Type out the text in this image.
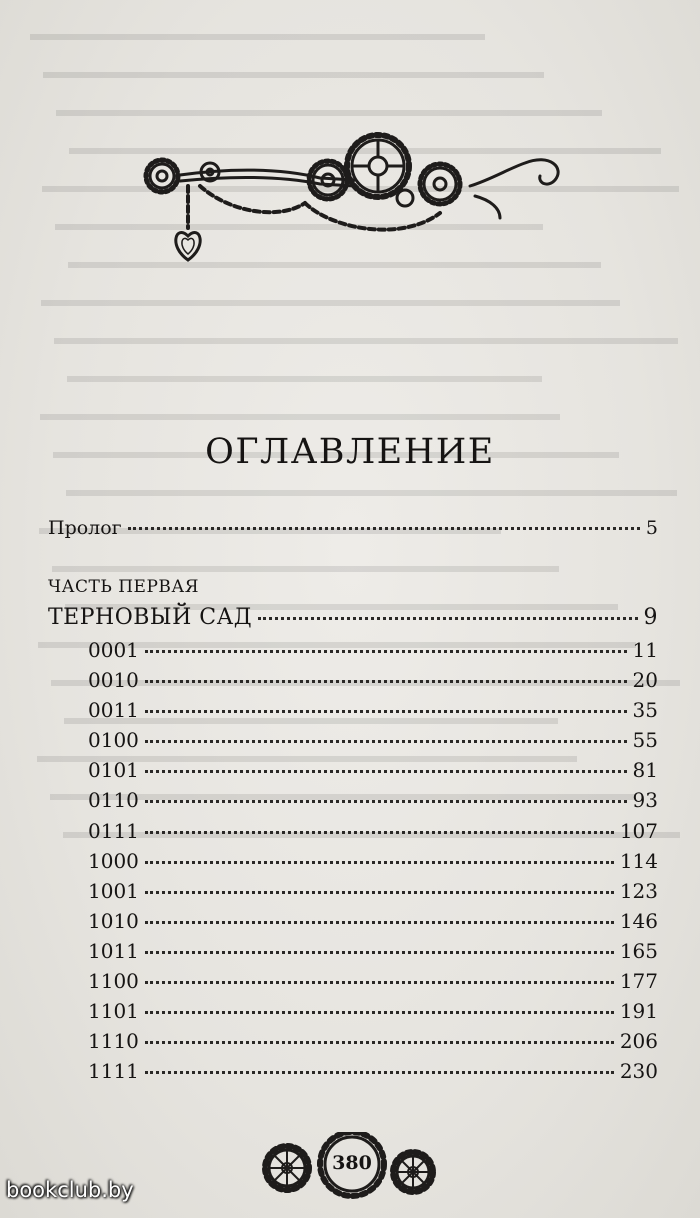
ОГЛАВЛЕНИЕ
Пролог	5
ЧАСТЬ ПЕРВАЯ
ТЕРНОВЫЙ САД	9
0001	11
0010	20
0011	35
0100	55
0101	81
0110	93
0111	107
1000	114
1001	123
1010	146
1011	165
1100	177
1101	191
1110	206
1111	230
380
bookclub.by
